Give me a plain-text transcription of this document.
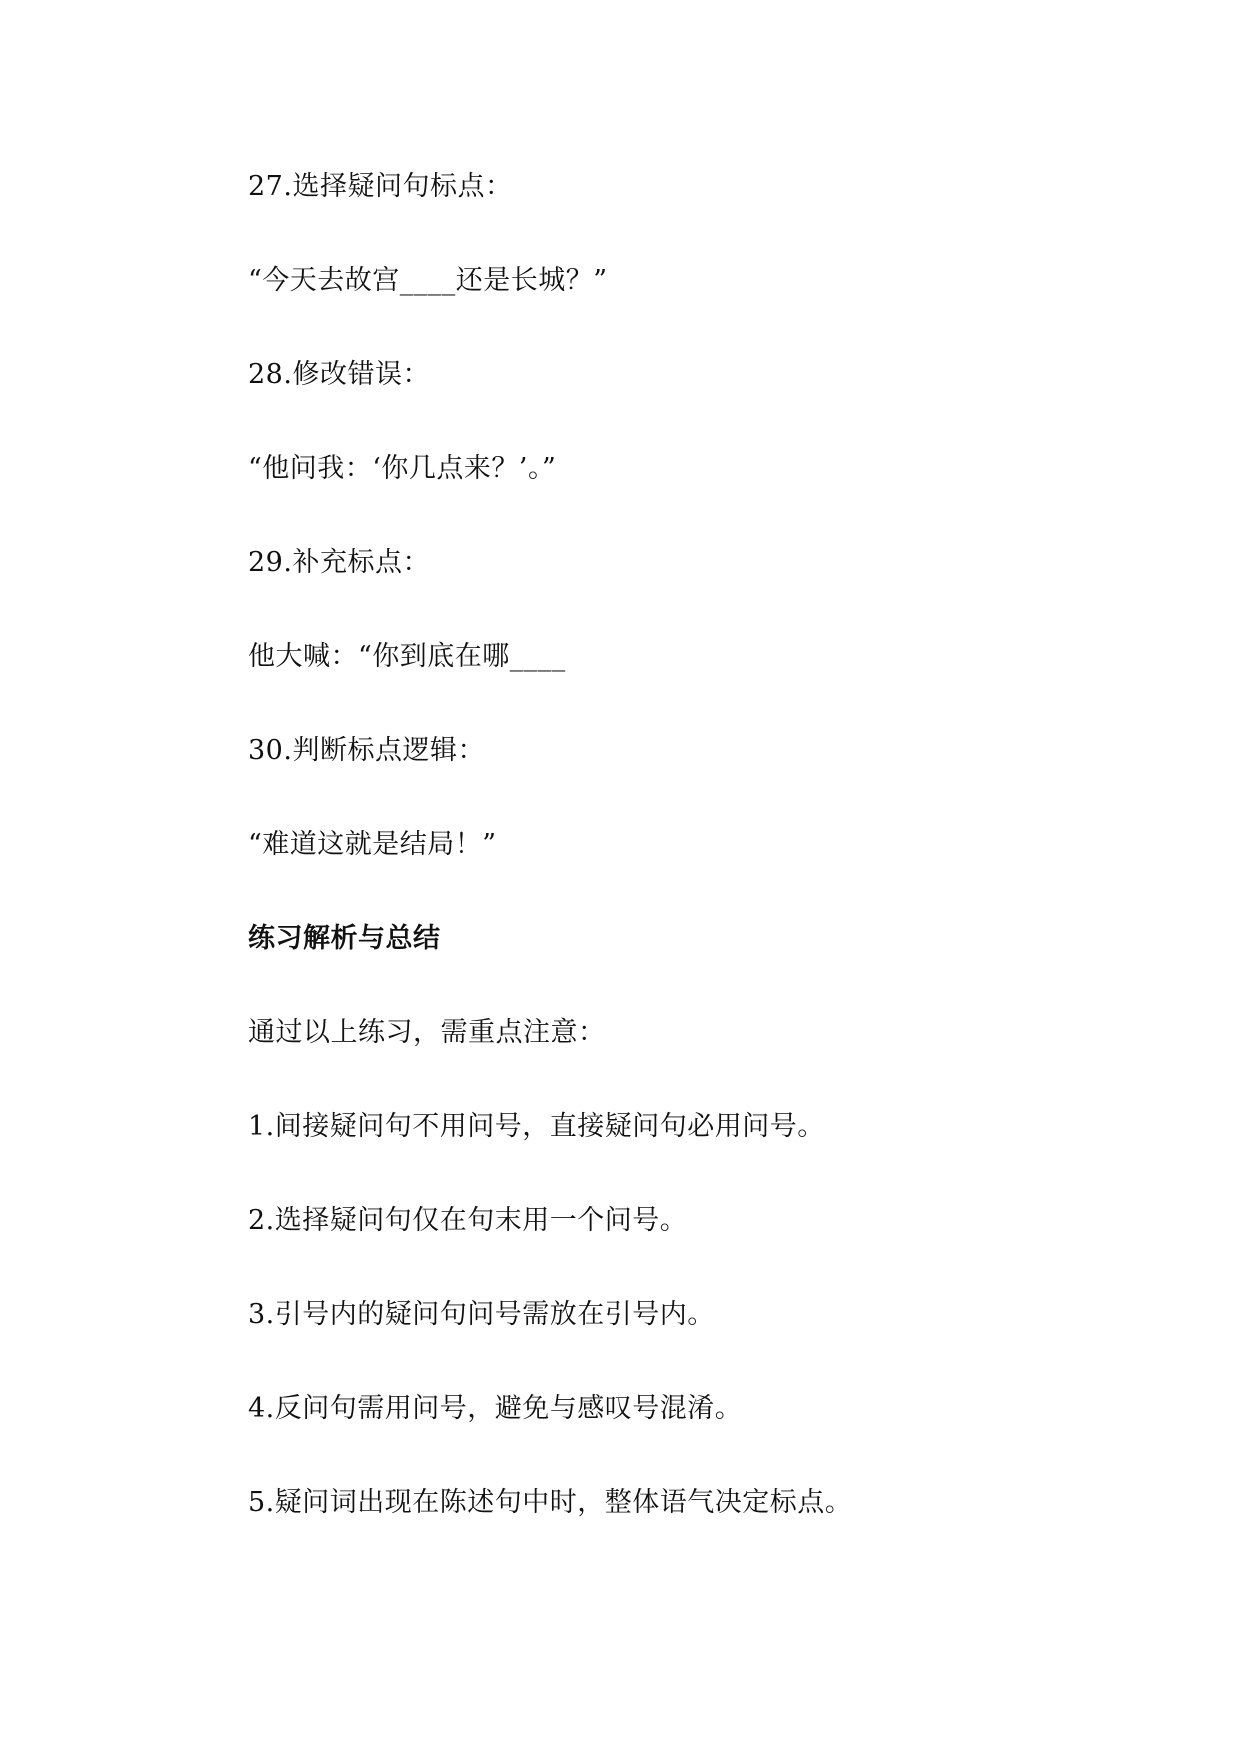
27.选择疑问句标点：
“今天去故宫____还是长城？”
28.修改错误：
“他问我：‘你几点来？’。”
29.补充标点：
他大喊：“你到底在哪____
30.判断标点逻辑：
“难道这就是结局！”
练习解析与总结
通过以上练习，需重点注意：
1.间接疑问句不用问号，直接疑问句必用问号。
2.选择疑问句仅在句末用一个问号。
3.引号内的疑问句问号需放在引号内。
4.反问句需用问号，避免与感叹号混淆。
5.疑问词出现在陈述句中时，整体语气决定标点。
